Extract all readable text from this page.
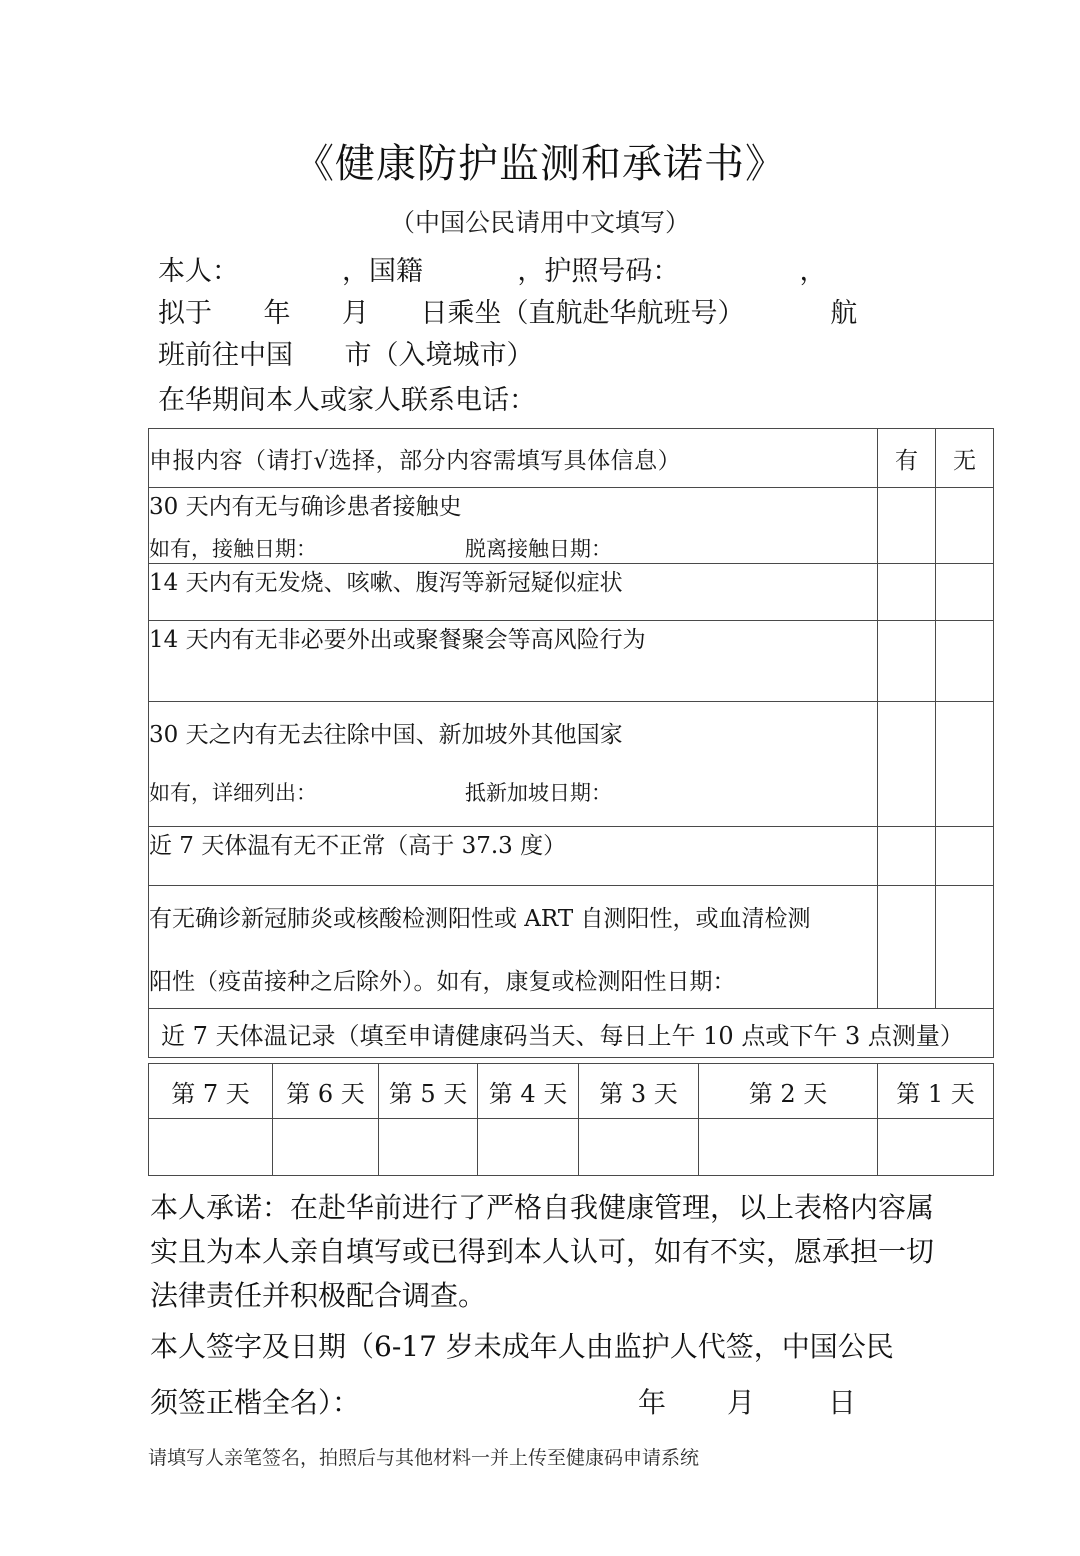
《健康防护监测和承诺书》
（中国公民请用中文填写）
本人：            ，国籍           ，护照号码：              ，
拟于      年      月      日乘坐（直航赴华航班号）          航
班前往中国      市（入境城市）
在华期间本人或家人联系电话：
申报内容（请打√选择，部分内容需填写具体信息）	有	无

30 天内有无与确诊患者接触史
如有，接触日期： 脱离接触日期：		

14 天内有无发烧、咳嗽、腹泻等新冠疑似症状		

14 天内有无非必要外出或聚餐聚会等高风险行为		

30 天之内有无去往除中国、新加坡外其他国家
如有，详细列出： 抵新加坡日期：		

近 7 天体温有无不正常（高于 37.3 度）		

有无确诊新冠肺炎或核酸检测阳性或 ART 自测阳性，或血清检测
阳性（疫苗接种之后除外）。如有，康复或检测阳性日期：		

近 7 天体温记录（填至申请健康码当天、每日上午 10 点或下午 3 点测量）		
第 7 天	第 6 天	第 5 天	第 4 天	第 3 天	第 2 天	第 1 天

本人承诺：在赴华前进行了严格自我健康管理，以上表格内容属实且为本人亲自填写或已得到本人认可，如有不实，愿承担一切法律责任并积极配合调查。
本人签字及日期（6-17 岁未成年人由监护人代签，中国公民
须签正楷全名）：	年 月	日
请填写人亲笔签名，拍照后与其他材料一并上传至健康码申请系统
